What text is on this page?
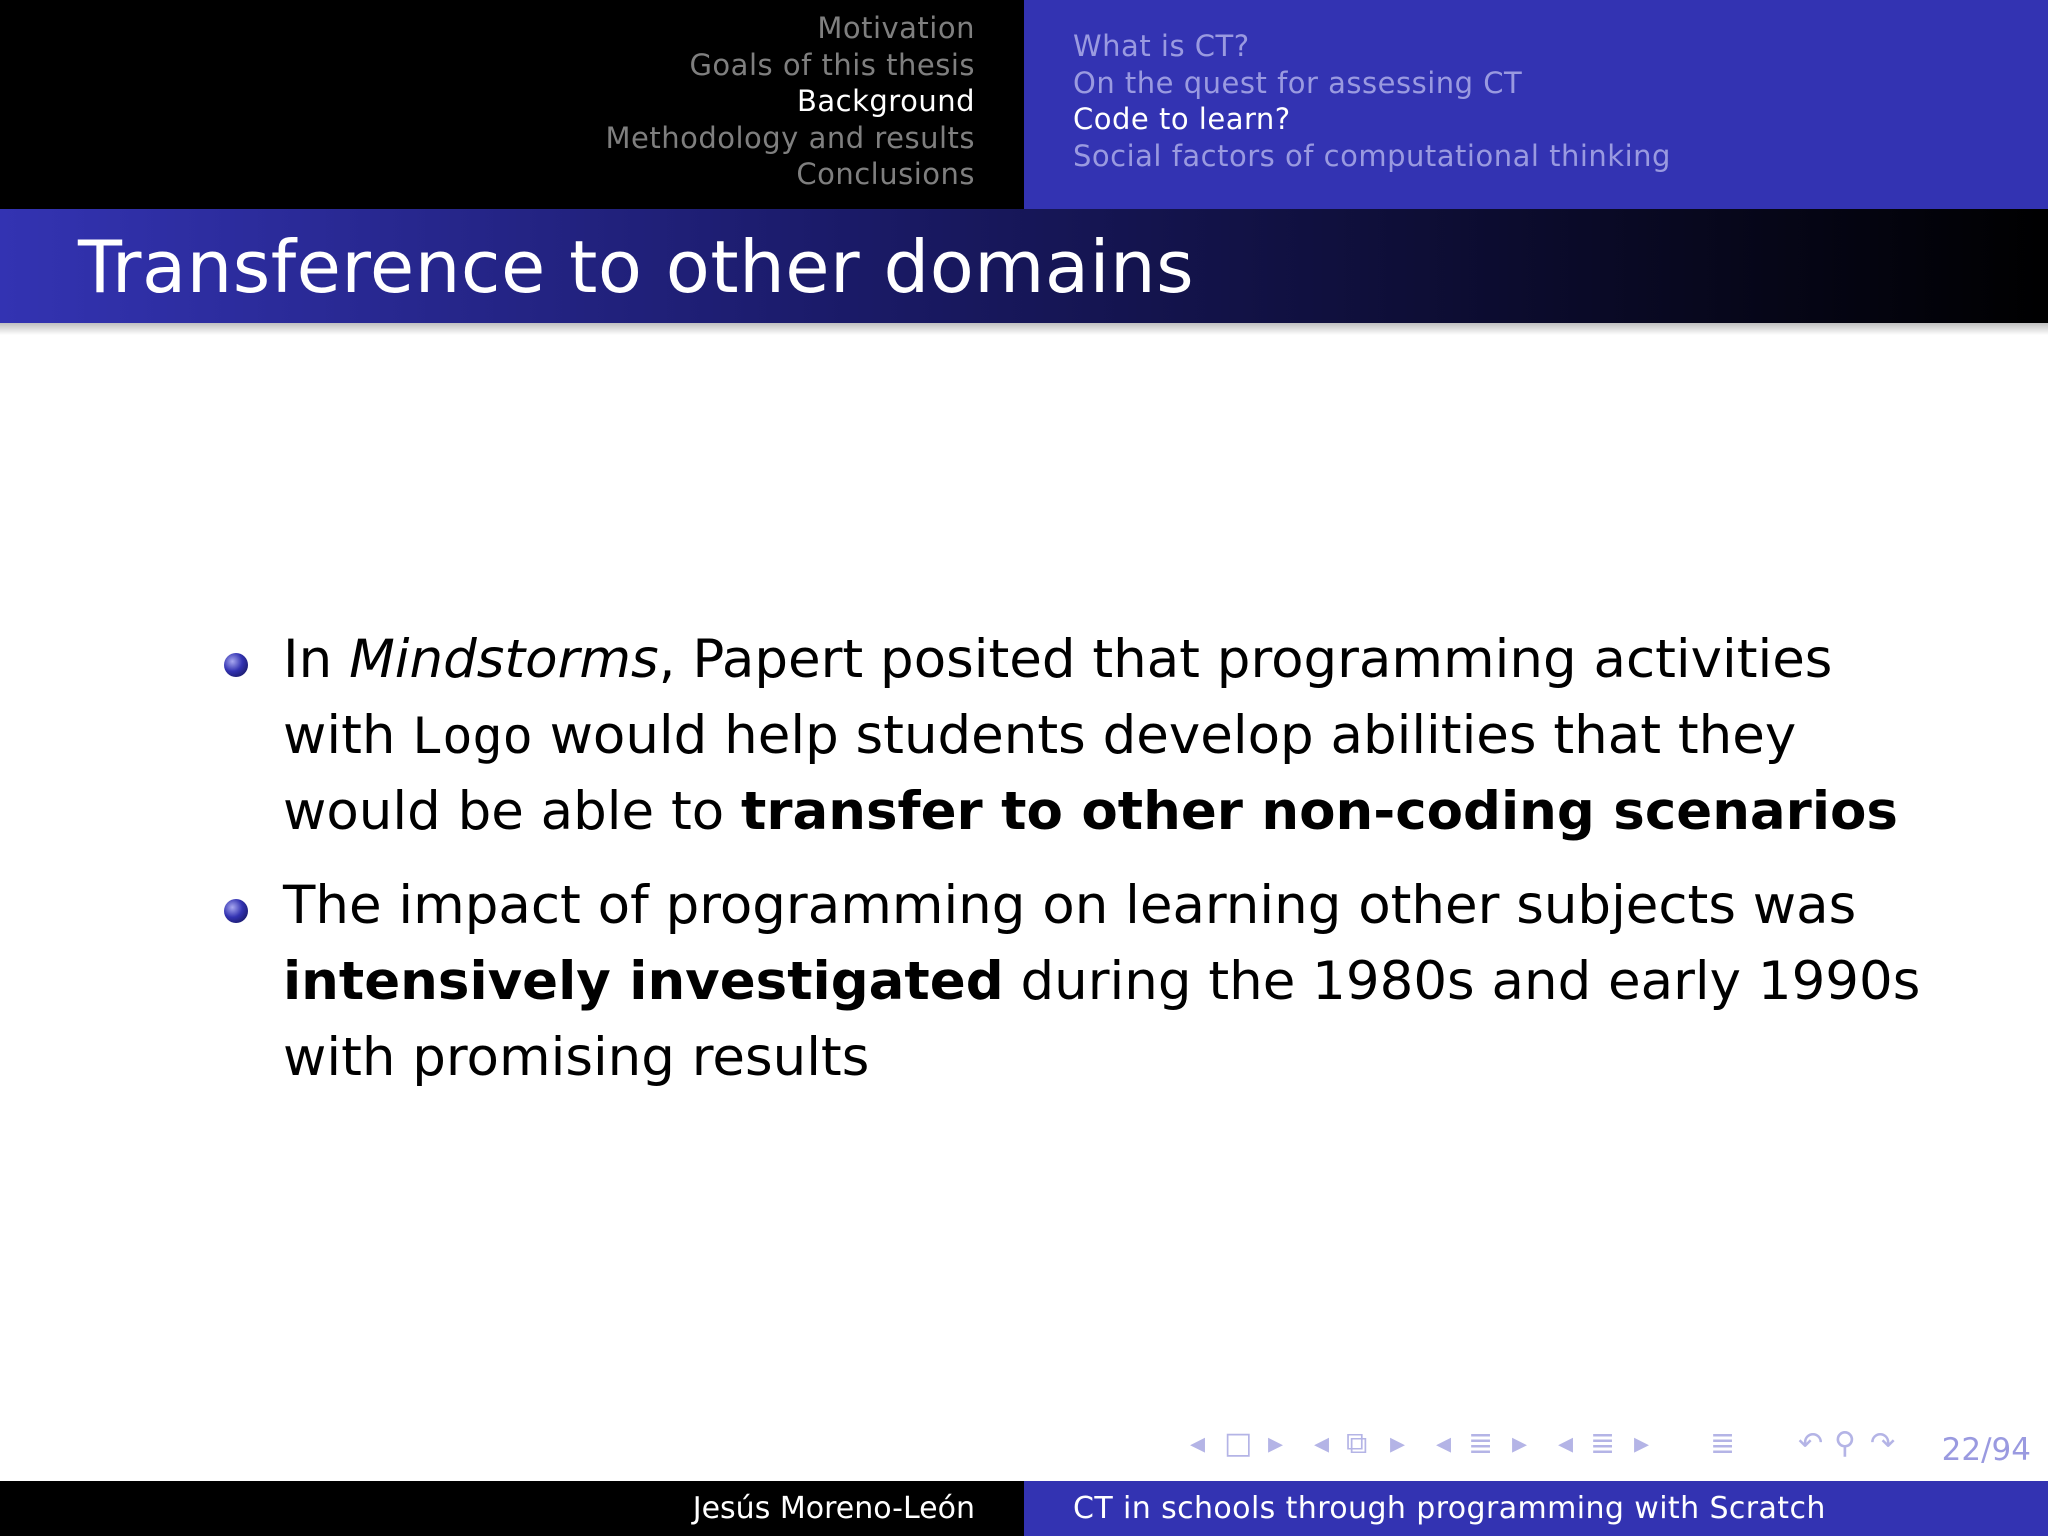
Motivation
Goals of this thesis
Background
Methodology and results
Conclusions
What is CT?
On the quest for assessing CT
Code to learn?
Social factors of computational thinking
Transference to other domains
In Mindstorms, Papert posited that programming activities
with Logo would help students develop abilities that they
would be able to transfer to other non-coding scenarios
The impact of programming on learning other subjects was
intensively investigated during the 1980s and early 1990s
with promising results
◂ □ ▸ ◂ ⧉ ▸ ◂ ≣ ▸ ◂ ≣ ▸ ≣ ↶ ⚲ ↷ 22/94
Jesús Moreno-León	CT in schools through programming with Scratch
